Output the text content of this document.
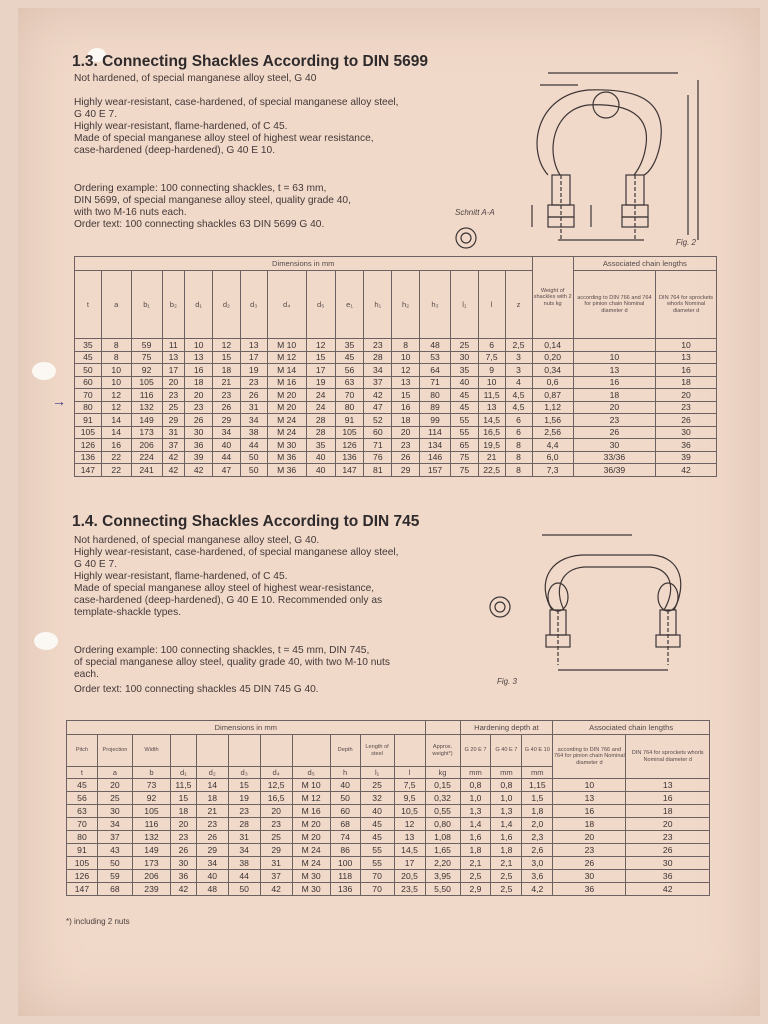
1.3. Connecting Shackles According to DIN 5699

Not hardened, of special manganese alloy steel, G 40

Highly wear-resistant, case-hardened, of special manganese alloy steel,

G 40 E 7.

Highly wear-resistant, flame-hardened, of C 45.

Made of special manganese alloy steel of highest wear resistance,

case-hardened (deep-hardened), G 40 E 10.

Ordering example: 100 connecting shackles, t = 63 mm,

DIN 5699, of special manganese alloy steel, quality grade 40,

with two M-16 nuts each.

Order text: 100 connecting shackles 63 DIN 5699 G 40.

Schnitt A-A
Fig. 2
Dimensions in mm																Weight of shackles with 2 nuts kg	Associated chain lengths	
t	a	b₁	b₂	d₁	d₂	d₃	d₄	d₅	e₁	h₁	h₂	h₃	l₁	l	z		according to DIN 766 and 764 for pinion chain Nominal diameter d	DIN 764 for sprockets whorls Nominal diameter d
35	8	59	11	10	12	13	M 10	12	35	23	8	48	25	6	2,5	0,14		10
45	8	75	13	13	15	17	M 12	15	45	28	10	53	30	7,5	3	0,20	10	13
50	10	92	17	16	18	19	M 14	17	56	34	12	64	35	9	3	0,34	13	16
60	10	105	20	18	21	23	M 16	19	63	37	13	71	40	10	4	0,6	16	18
70	12	116	23	20	23	26	M 20	24	70	42	15	80	45	11,5	4,5	0,87	18	20
80	12	132	25	23	26	31	M 20	24	80	47	16	89	45	13	4,5	1,12	20	23
91	14	149	29	26	29	34	M 24	28	91	52	18	99	55	14,5	6	1,56	23	26
105	14	173	31	30	34	38	M 24	28	105	60	20	114	55	16,5	6	2,56	26	30
126	16	206	37	36	40	44	M 30	35	126	71	23	134	65	19,5	8	4,4	30	36
136	22	224	42	39	44	50	M 36	40	136	76	26	146	75	21	8	6,0	33/36	39
147	22	241	42	42	47	50	M 36	40	147	81	29	157	75	22,5	8	7,3	36/39	42
→
1.4. Connecting Shackles According to DIN 745

Not hardened, of special manganese alloy steel, G 40.

Highly wear-resistant, case-hardened, of special manganese alloy steel,

G 40 E 7.

Highly wear-resistant, flame-hardened, of C 45.

Made of special manganese alloy steel of highest wear-resistance,

case-hardened (deep-hardened), G 40 E 10. Recommended only as

template-shackle types.

Ordering example: 100 connecting shackles, t = 45 mm, DIN 745,

of special manganese alloy steel, quality grade 40, with two M-10 nuts

each.

Order text: 100 connecting shackles 45 DIN 745 G 40.

Fig. 3
Dimensions in mm												Hardening depth at			Associated chain lengths	
Pitch	Projection	Width						Depth	Length of steel		Approx. weight*)	G 20 E 7	G 40 E 7	G 40 E 10	according to DIN 766 and 764 for pinion chain Nominal diameter d	DIN 764 for sprockets whorls Nominal diameter d
t	a	b	d₁	d₂	d₃	d₄	d₅	h	l₁	l	kg	mm	mm	mm		
45	20	73	11,5	14	15	12,5	M 10	40	25	7,5	0,15	0,8	0,8	1,15	10	13
56	25	92	15	18	19	16,5	M 12	50	32	9,5	0,32	1,0	1,0	1,5	13	16
63	30	105	18	21	23	20	M 16	60	40	10,5	0,55	1,3	1,3	1,8	16	18
70	34	116	20	23	28	23	M 20	68	45	12	0,80	1,4	1,4	2,0	18	20
80	37	132	23	26	31	25	M 20	74	45	13	1,08	1,6	1,6	2,3	20	23
91	43	149	26	29	34	29	M 24	86	55	14,5	1,65	1,8	1,8	2,6	23	26
105	50	173	30	34	38	31	M 24	100	55	17	2,20	2,1	2,1	3,0	26	30
126	59	206	36	40	44	37	M 30	118	70	20,5	3,95	2,5	2,5	3,6	30	36
147	68	239	42	48	50	42	M 30	136	70	23,5	5,50	2,9	2,5	4,2	36	42
*) including 2 nuts
